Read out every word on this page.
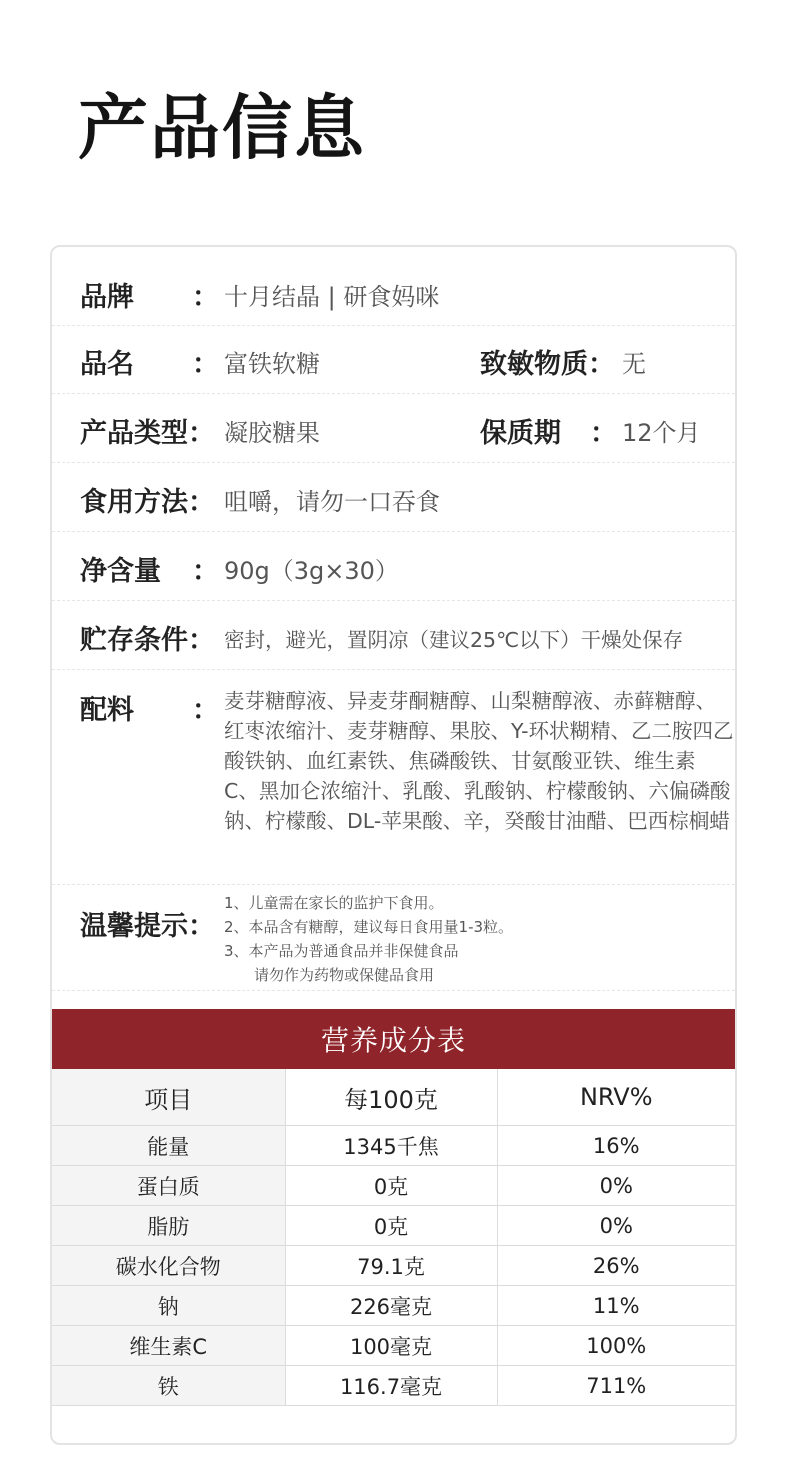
产品信息
品牌 ： 十月结晶 | 研食妈咪
品名 ： 富铁软糖	致敏物质： 无
产品类型： 凝胶糖果	保质期 ： 12个月
食用方法： 咀嚼，请勿一口吞食
净含量 ： 90g（3g×30）
贮存条件： 密封，避光，置阴凉（建议25℃以下）干燥处保存
配料 ： 麦芽糖醇液、异麦芽酮糖醇、山梨糖醇液、赤藓糖醇、红枣浓缩汁、麦芽糖醇、果胶、Y-环状糊精、乙二胺四乙酸铁钠、血红素铁、焦磷酸铁、甘氨酸亚铁、维生素 C、黑加仑浓缩汁、乳酸、乳酸钠、柠檬酸钠、六偏磷酸钠、柠檬酸、DL-苹果酸、辛，癸酸甘油醋、巴西棕榈蜡
温馨提示：
1、儿童需在家长的监护下食用。
2、本品含有糖醇，建议每日食用量1-3粒。
3、本产品为普通食品并非保健食品
请勿作为药物或保健品食用
营养成分表
项目	每100克	NRV%
能量	1345千焦	16%
蛋白质	0克	0%
脂肪	0克	0%
碳水化合物	79.1克	26%
钠	226毫克	11%
维生素C	100毫克	100%
铁	116.7毫克	711%
